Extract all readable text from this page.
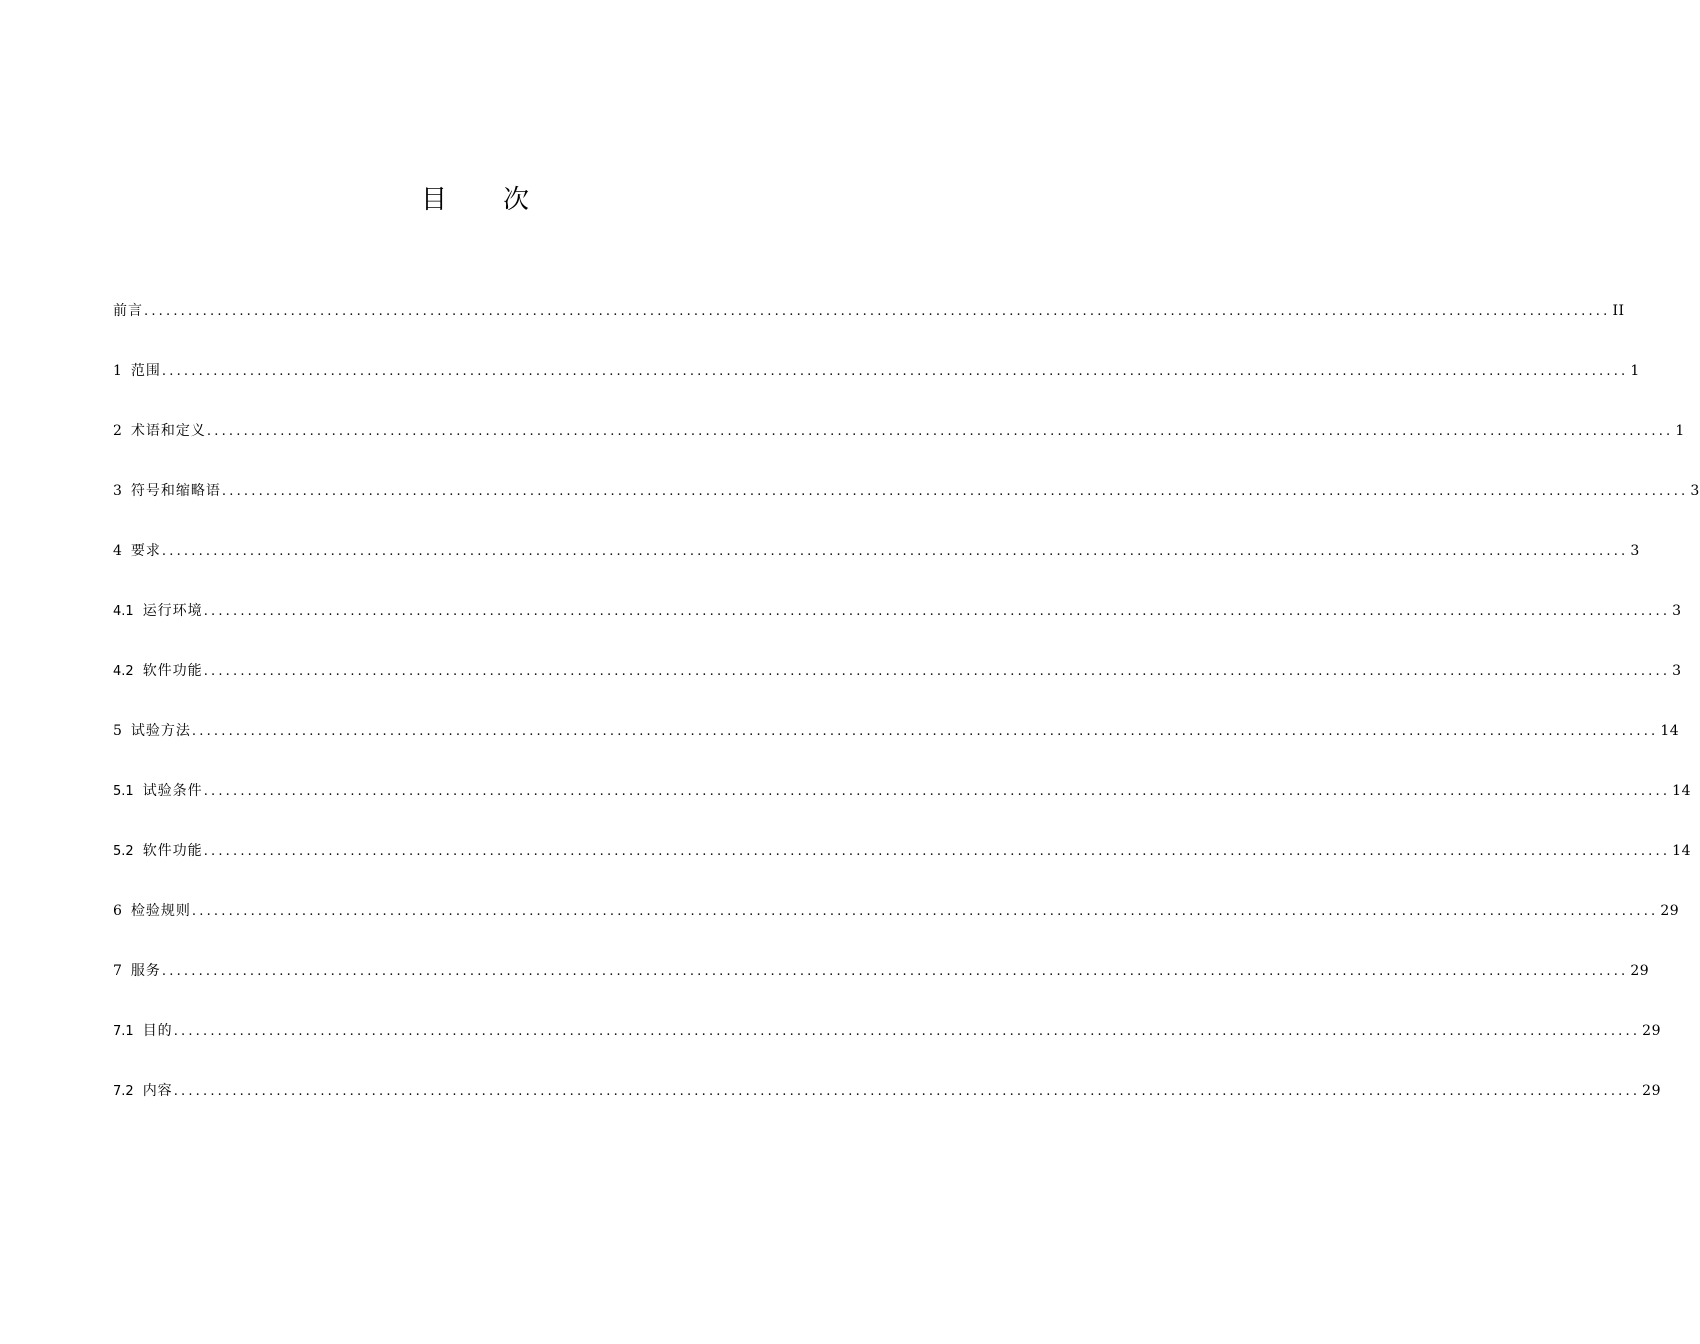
目 次
前言 ........................................................................................................................................................................................................ II
1 范围 ........................................................................................................................................................................................................ 1
2 术语和定义 ........................................................................................................................................................................................................ 1
3 符号和缩略语 ........................................................................................................................................................................................................ 3
4 要求 ........................................................................................................................................................................................................ 3
4.1 运行环境 ........................................................................................................................................................................................................ 3
4.2 软件功能 ........................................................................................................................................................................................................ 3
5 试验方法 ........................................................................................................................................................................................................ 14
5.1 试验条件 ........................................................................................................................................................................................................ 14
5.2 软件功能 ........................................................................................................................................................................................................ 14
6 检验规则 ........................................................................................................................................................................................................ 29
7 服务 ........................................................................................................................................................................................................ 29
7.1 目的 ........................................................................................................................................................................................................ 29
7.2 内容 ........................................................................................................................................................................................................ 29
